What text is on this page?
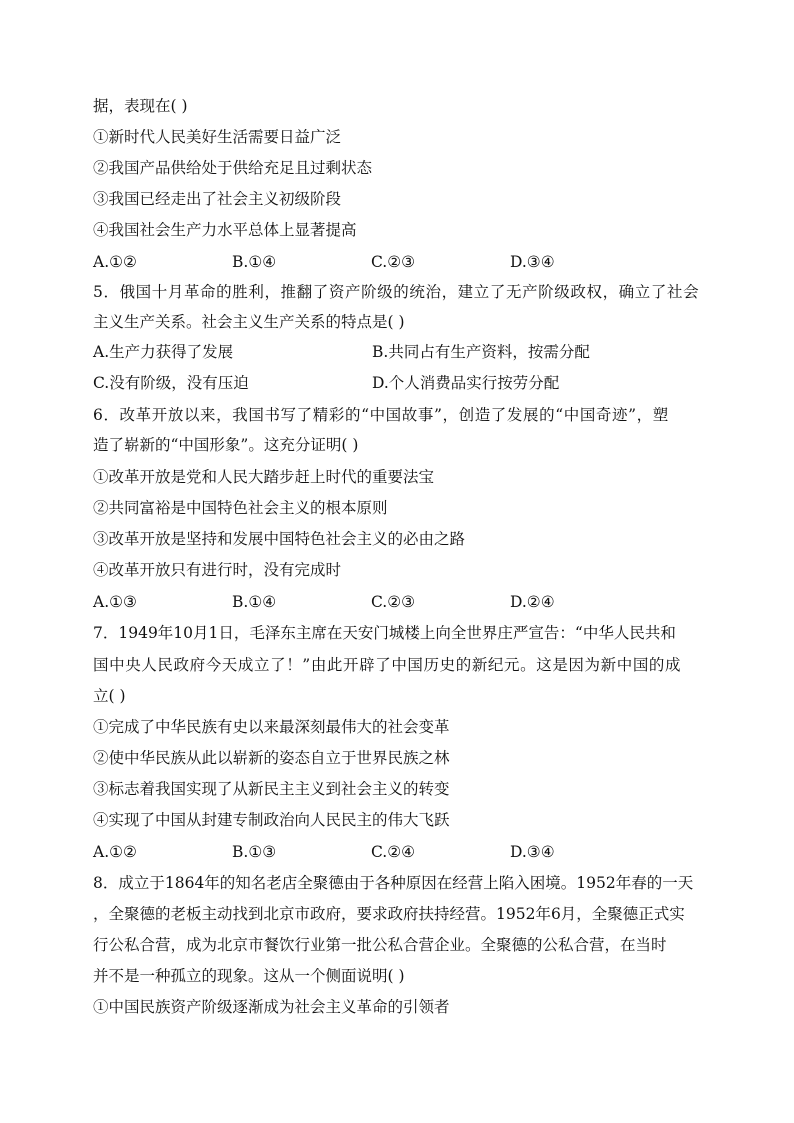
据，表现在( )
①新时代人民美好生活需要日益广泛
②我国产品供给处于供给充足且过剩状态
③我国已经走出了社会主义初级阶段
④我国社会生产力水平总体上显著提高
A.①②	B.①④	C.②③	D.③④
5．俄国十月革命的胜利，推翻了资产阶级的统治，建立了无产阶级政权，确立了社会
主义生产关系。社会主义生产关系的特点是( )
A.生产力获得了发展	B.共同占有生产资料，按需分配
C.没有阶级，没有压迫	D.个人消费品实行按劳分配
6．改革开放以来，我国书写了精彩的“中国故事”，创造了发展的“中国奇迹”，塑
造了崭新的“中国形象”。这充分证明( )
①改革开放是党和人民大踏步赶上时代的重要法宝
②共同富裕是中国特色社会主义的根本原则
③改革开放是坚持和发展中国特色社会主义的必由之路
④改革开放只有进行时，没有完成时
A.①③	B.①④	C.②③	D.②④
7．1949年10月1日，毛泽东主席在天安门城楼上向全世界庄严宣告：“中华人民共和
国中央人民政府今天成立了！”由此开辟了中国历史的新纪元。这是因为新中国的成
立( )
①完成了中华民族有史以来最深刻最伟大的社会变革
②使中华民族从此以崭新的姿态自立于世界民族之林
③标志着我国实现了从新民主主义到社会主义的转变
④实现了中国从封建专制政治向人民民主的伟大飞跃
A.①②	B.①③	C.②④	D.③④
8．成立于1864年的知名老店全聚德由于各种原因在经营上陷入困境。1952年春的一天
，全聚德的老板主动找到北京市政府，要求政府扶持经营。1952年6月，全聚德正式实
行公私合营，成为北京市餐饮行业第一批公私合营企业。全聚德的公私合营，在当时
并不是一种孤立的现象。这从一个侧面说明( )
①中国民族资产阶级逐渐成为社会主义革命的引领者
